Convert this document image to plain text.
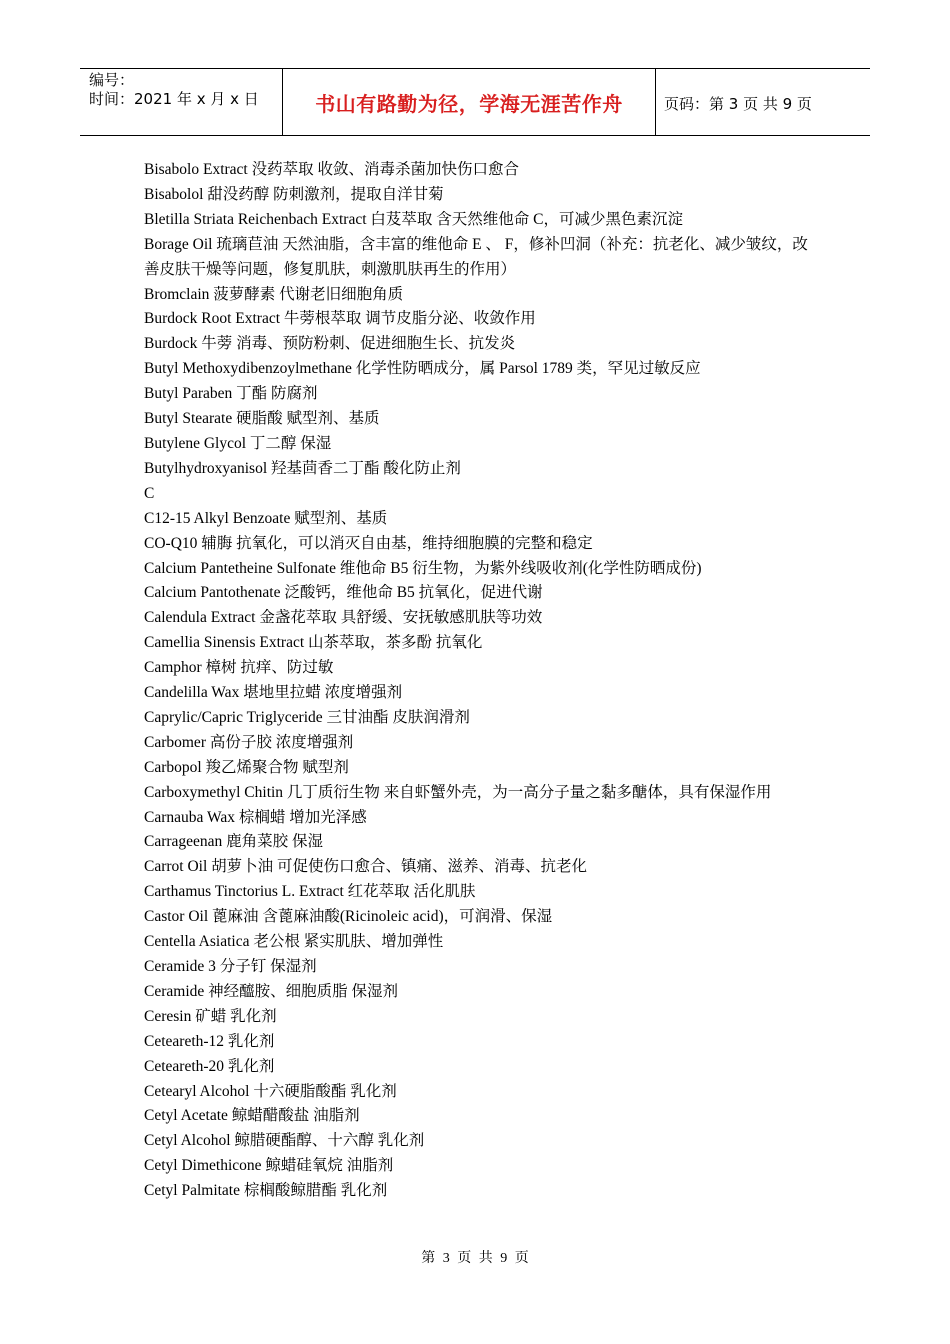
编号：
时间：2021 年 x 月 x 日	书山有路勤为径，学海无涯苦作舟	页码：第 3 页 共 9 页

Bisabolo Extract 没药萃取 收敛、消毒杀菌加快伤口愈合

Bisabolol 甜没药醇 防刺激剂，提取自洋甘菊

Bletilla Striata Reichenbach Extract 白芨萃取 含天然维他命 C，可减少黑色素沉淀

Borage Oil 琉璃苣油 天然油脂，含丰富的维他命 E 、 F，修补凹洞（补充：抗老化、减少皱纹，改善皮肤干燥等问题，修复肌肤，刺激肌肤再生的作用）

Bromclain 菠萝酵素 代谢老旧细胞角质

Burdock Root Extract 牛蒡根萃取 调节皮脂分泌、收敛作用

Burdock 牛蒡 消毒、预防粉刺、促进细胞生长、抗发炎

Butyl Methoxydibenzoylmethane 化学性防晒成分，属 Parsol 1789 类，罕见过敏反应

Butyl Paraben 丁酯 防腐剂

Butyl Stearate 硬脂酸 赋型剂、基质

Butylene Glycol 丁二醇 保湿

Butylhydroxyanisol 羟基茴香二丁酯 酸化防止剂

C

C12-15 Alkyl Benzoate 赋型剂、基质

CO-Q10 辅脢 抗氧化，可以消灭自由基，维持细胞膜的完整和稳定

Calcium Pantetheine Sulfonate 维他命 B5 衍生物，为紫外线吸收剂(化学性防晒成份)

Calcium Pantothenate 泛酸钙，维他命 B5 抗氧化，促进代谢

Calendula Extract 金盏花萃取 具舒缓、安抚敏感肌肤等功效

Camellia Sinensis Extract 山茶萃取，茶多酚 抗氧化

Camphor 樟树 抗痒、防过敏

Candelilla Wax 堪地里拉蜡 浓度增强剂

Caprylic/Capric Triglyceride 三甘油酯 皮肤润滑剂

Carbomer 高份子胶 浓度增强剂

Carbopol 羧乙烯聚合物 赋型剂

Carboxymethyl Chitin 几丁质衍生物 来自虾蟹外壳，为一高分子量之黏多醣体，具有保湿作用

Carnauba Wax 棕榈蜡 增加光泽感

Carrageenan 鹿角菜胶 保湿

Carrot Oil 胡萝卜油 可促使伤口愈合、镇痛、滋养、消毒、抗老化

Carthamus Tinctorius L. Extract 红花萃取 活化肌肤

Castor Oil 蓖麻油 含蓖麻油酸(Ricinoleic acid)，可润滑、保湿

Centella Asiatica 老公根 紧实肌肤、增加弹性

Ceramide 3 分子钉 保湿剂

Ceramide 神经醯胺、细胞质脂 保湿剂

Ceresin 矿蜡 乳化剂

Ceteareth-12 乳化剂

Ceteareth-20 乳化剂

Cetearyl Alcohol 十六硬脂酸酯 乳化剂

Cetyl Acetate 鲸蜡醋酸盐 油脂剂

Cetyl Alcohol 鲸腊硬酯醇、十六醇 乳化剂

Cetyl Dimethicone 鲸蜡硅氧烷 油脂剂

Cetyl Palmitate 棕榈酸鲸腊酯 乳化剂

第 3 页 共 9 页
